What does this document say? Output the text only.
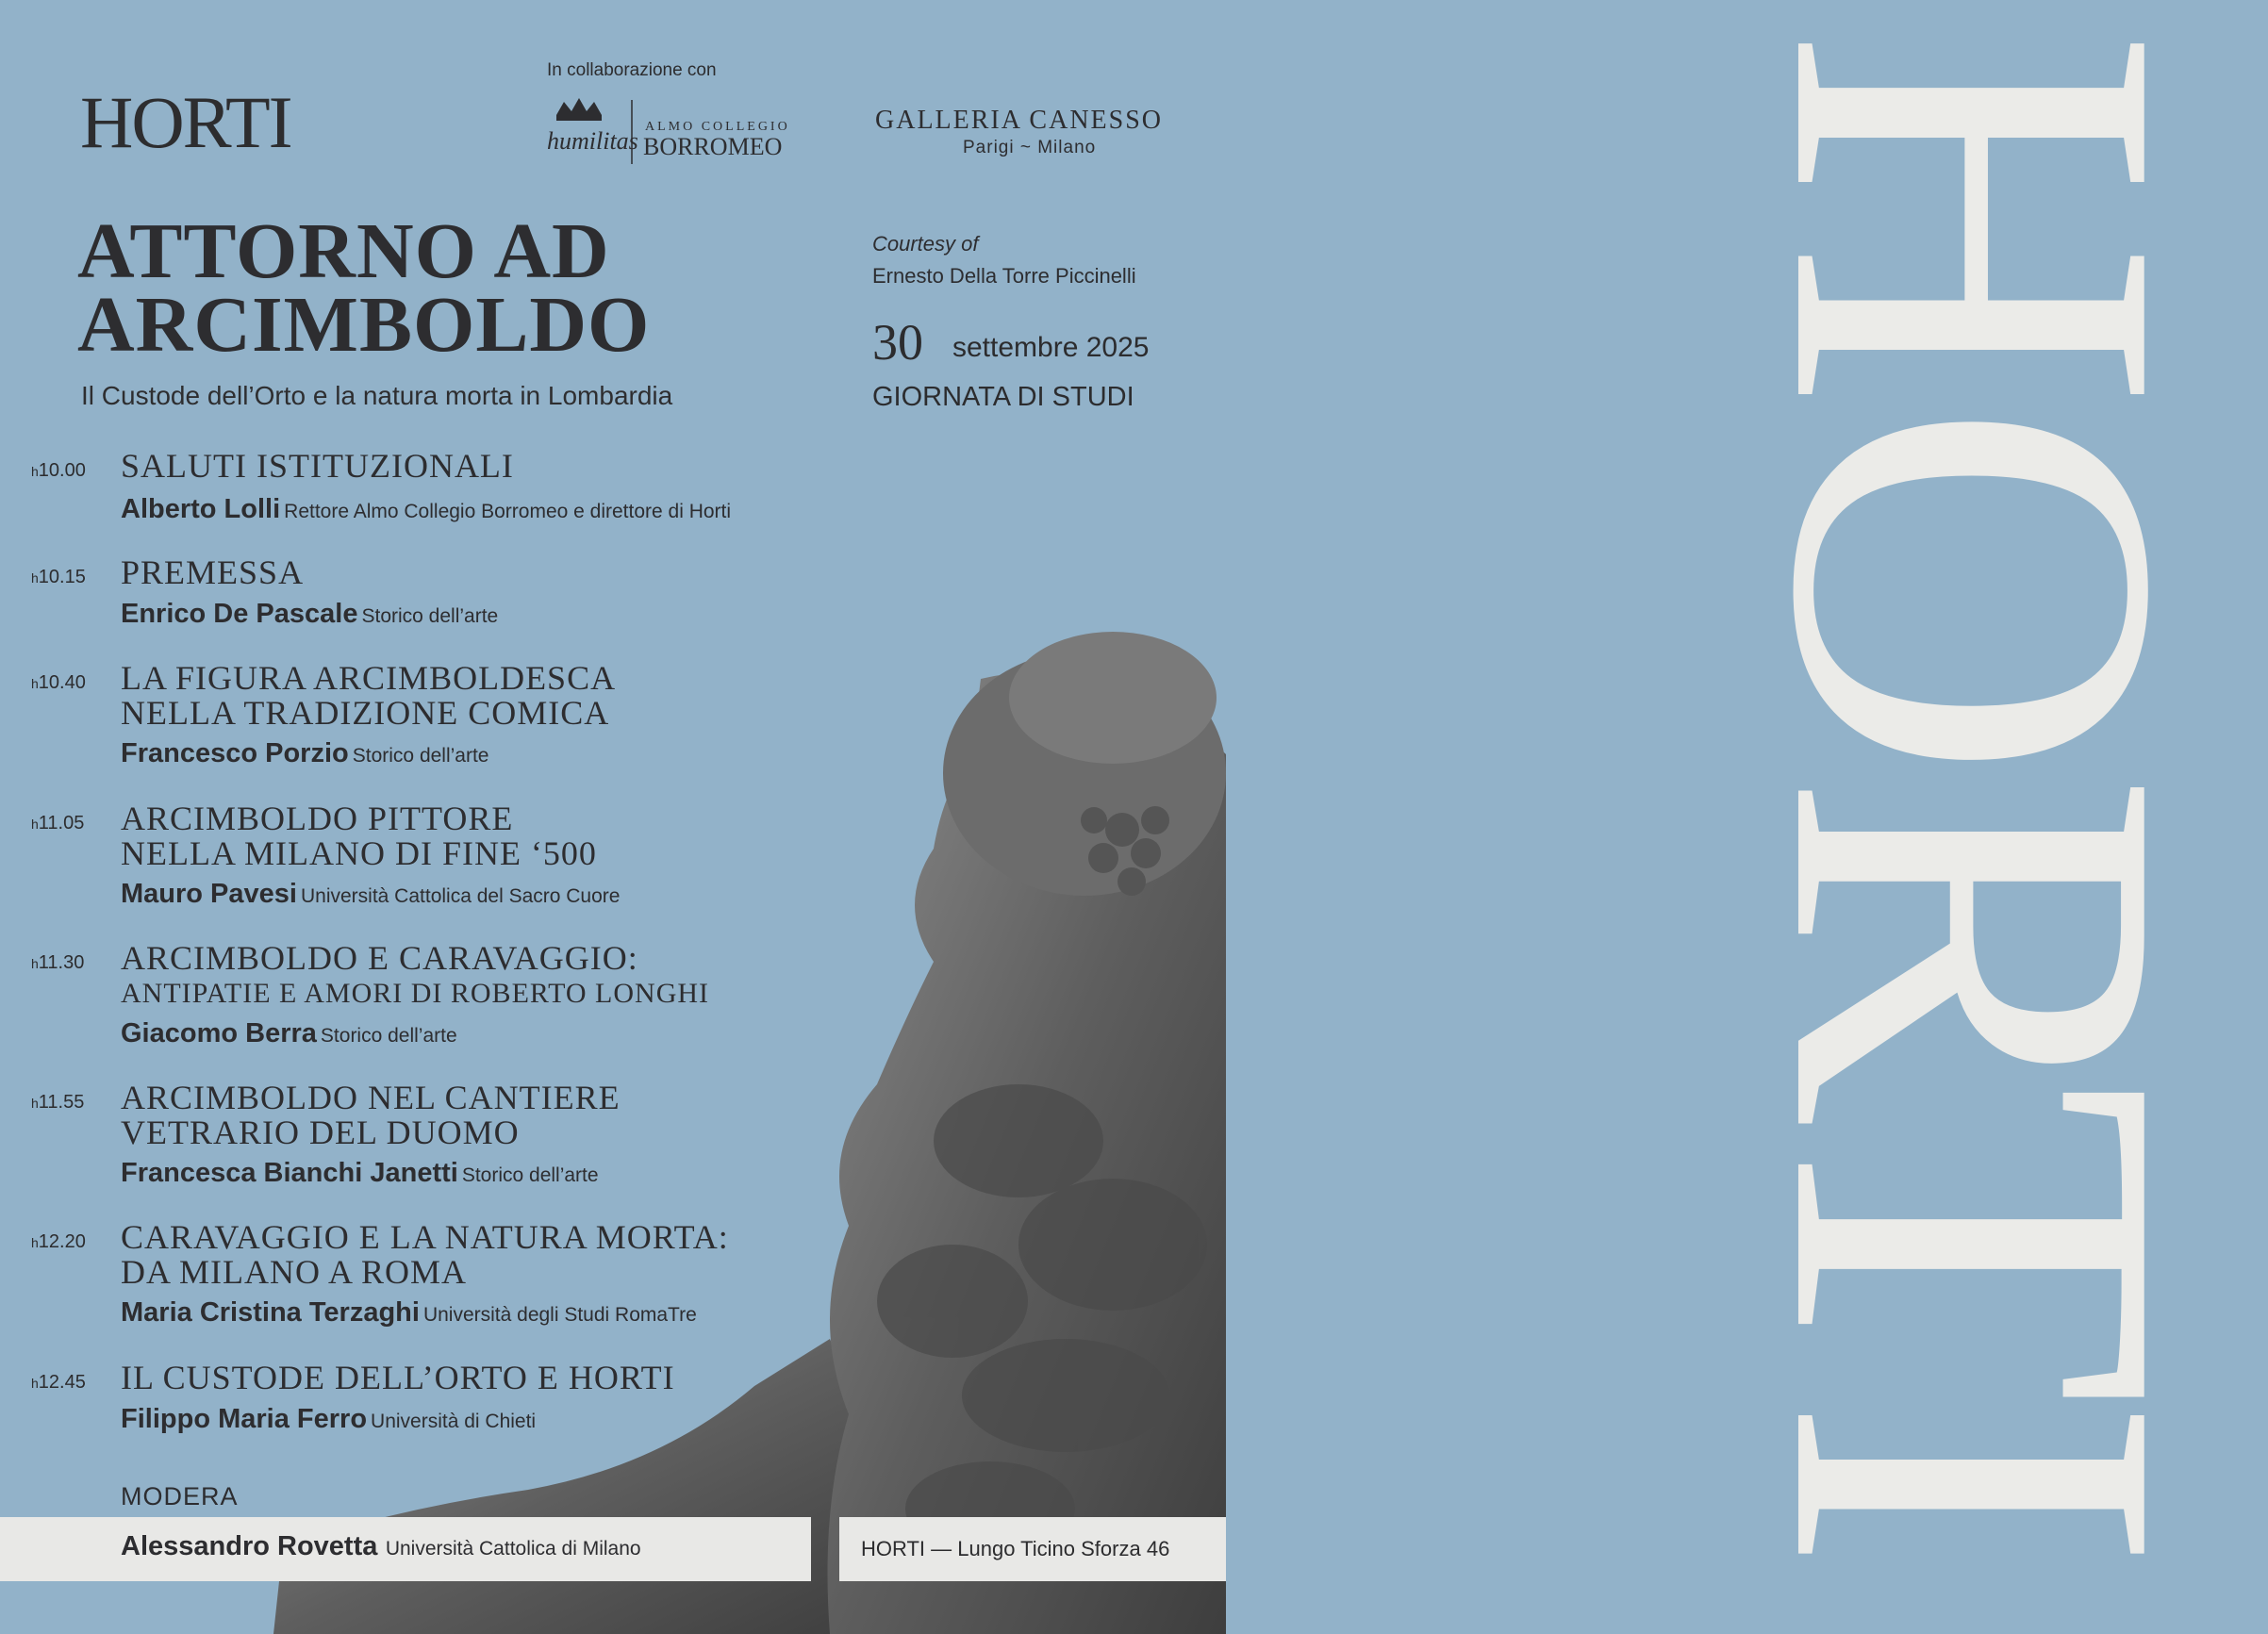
HORTI
HORTI
In collaborazione con
humilitas
ALMO COLLEGIO
BORROMEO
ATTORNO AD
ARCIMBOLDO
Il Custode dell’Orto e la natura morta in Lombardia
GALLERIA CANESSO
Parigi ~ Milano
Courtesy of
Ernesto Della Torre Piccinelli
30 settembre 2025
GIORNATA DI STUDI
h10.00 SALUTI ISTITUZIONALI
Alberto Lolli Rettore Almo Collegio Borromeo e direttore di Horti
h10.15 PREMESSA
Enrico De Pascale Storico dell’arte
h10.40 LA FIGURA ARCIMBOLDESCA
NELLA TRADIZIONE COMICA
Francesco Porzio Storico dell’arte
h11.05 ARCIMBOLDO PITTORE
NELLA MILANO DI FINE ‘500
Mauro Pavesi Università Cattolica del Sacro Cuore
h11.30 ARCIMBOLDO E CARAVAGGIO:
ANTIPATIE E AMORI DI ROBERTO LONGHI
Giacomo Berra Storico dell’arte
h11.55 ARCIMBOLDO NEL CANTIERE
VETRARIO DEL DUOMO
Francesca Bianchi Janetti Storico dell’arte
h12.20 CARAVAGGIO E LA NATURA MORTA:
DA MILANO A ROMA
Maria Cristina Terzaghi Università degli Studi RomaTre
h12.45 IL CUSTODE DELL’ORTO E HORTI
Filippo Maria Ferro Università di Chieti
MODERA
Alessandro Rovetta Università Cattolica di Milano	HORTI — Lungo Ticino Sforza 46
